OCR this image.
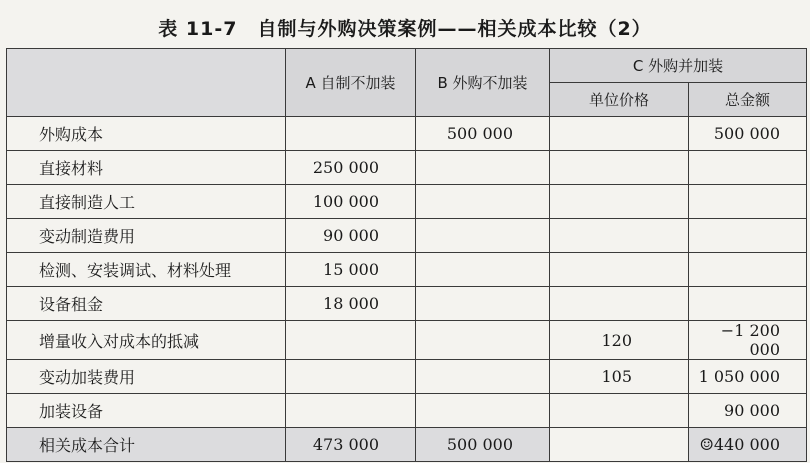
表 11-7　自制与外购决策案例——相关成本比较（2）
	A 自制不加装	B 外购不加装	C 外购并加装	
			单位价格	总金额
外购成本		500 000		500 000
直接材料	250 000			
直接制造人工	100 000			
变动制造费用	90 000			
检测、安装调试、材料处理	15 000			
设备租金	18 000			
增量收入对成本的抵减			120	−1 200 000
变动加装费用			105	1 050 000
加装设备				90 000
相关成本合计	473 000	500 000		☺440 000
